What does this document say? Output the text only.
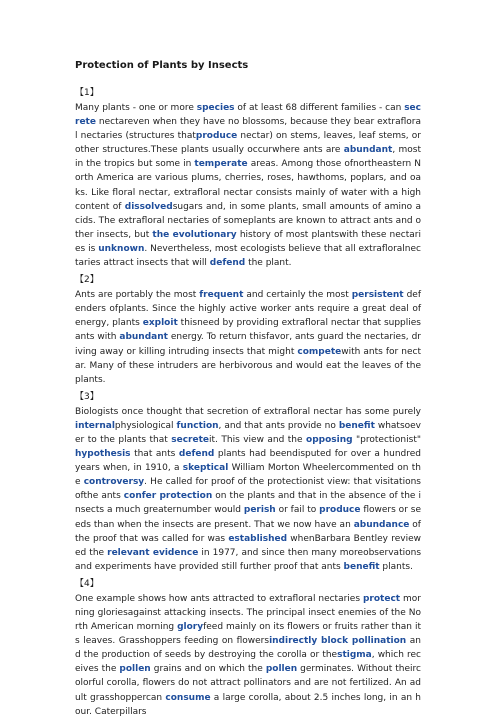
Protection of Plants by Insects
【1】

Many plants - one or more species of at least 68 different families - can secrete nectareven when they have no blossoms, because they bear extrafloral nectaries (structures thatproduce nectar) on stems, leaves, leaf stems, or other structures.These plants usually occurwhere ants are abundant, most in the tropics but some in temperate areas. Among those ofnortheastern North America are various plums, cherries, roses, hawthoms, poplars, and oaks. Like floral nectar, extrafloral nectar consists mainly of water with a high content of dissolvedsugars and, in some plants, small amounts of amino acids. The extrafloral nectaries of someplants are known to attract ants and other insects, but the evolutionary history of most plantswith these nectaries is unknown. Nevertheless, most ecologists believe that all extrafloralnectaries attract insects that will defend the plant.

【2】

Ants are portably the most frequent and certainly the most persistent defenders ofplants. Since the highly active worker ants require a great deal of energy, plants exploit thisneed by providing extrafloral nectar that supplies ants with abundant energy. To return thisfavor, ants guard the nectaries, driving away or killing intruding insects that might competewith ants for nectar. Many of these intruders are herbivorous and would eat the leaves of theplants.

【3】

Biologists once thought that secretion of extrafloral nectar has some purely internalphysiological function, and that ants provide no benefit whatsoever to the plants that secreteit. This view and the opposing "protectionist" hypothesis that ants defend plants had beendisputed for over a hundred years when, in 1910, a skeptical William Morton Wheelercommented on the controversy. He called for proof of the protectionist view: that visitations ofthe ants confer protection on the plants and that in the absence of the insects a much greaternumber would perish or fail to produce flowers or seeds than when the insects are present. That we now have an abundance of the proof that was called for was established whenBarbara Bentley reviewed the relevant evidence in 1977, and since then many moreobservations and experiments have provided still further proof that ants benefit plants.

【4】

One example shows how ants attracted to extrafloral nectaries protect morning gloriesagainst attacking insects. The principal insect enemies of the North American morning gloryfeed mainly on its flowers or fruits rather than its leaves. Grasshoppers feeding on flowersindirectly block pollination and the production of seeds by destroying the corolla or thestigma, which receives the pollen grains and on which the pollen germinates. Without theircolorful corolla, flowers do not attract pollinators and are not fertilized. An adult grasshoppercan consume a large corolla, about 2.5 inches long, in an hour. Caterpillars
